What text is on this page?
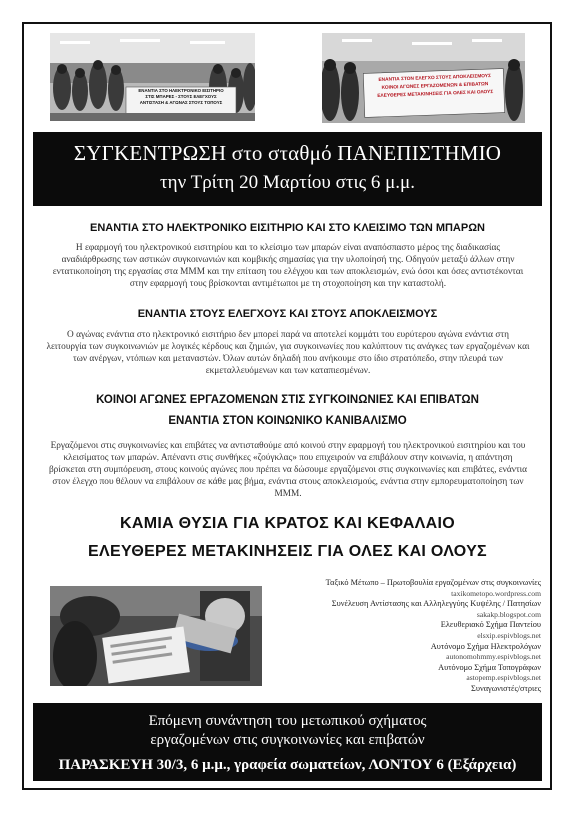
ΕΝΑΝΤΙΑ ΣΤΟ ΗΛΕΚΤΡΟΝΙΚΟ ΕΙΣΙΤΗΡΙΟ
ΣΤΙΣ ΜΠΑΡΕΣ - ΣΤΟΥΣ ΕΛΕΓΧΟΥΣ
ΑΝΤΙΣΤΑΣΗ & ΑΓΩΝΑΣ ΣΤΟΥΣ ΤΟΠΟΥΣ
ΕΝΑΝΤΙΑ ΣΤΟΝ ΕΛΕΓΧΟ ΣΤΟΥΣ ΑΠΟΚΛΕΙΣΜΟΥΣ
ΚΟΙΝΟΙ ΑΓΩΝΕΣ ΕΡΓΑΖΟΜΕΝΩΝ & ΕΠΙΒΑΤΩΝ
ΕΛΕΥΘΕΡΕΣ ΜΕΤΑΚΙΝΗΣΕΙΣ ΓΙΑ ΟΛΕΣ ΚΑΙ ΟΛΟΥΣ
ΣΥΓΚΕΝΤΡΩΣΗ στο σταθμό ΠΑΝΕΠΙΣΤΗΜΙΟ
την Τρίτη 20 Μαρτίου στις 6 μ.μ.
ΕΝΑΝΤΙΑ ΣΤΟ ΗΛΕΚΤΡΟΝΙΚΟ ΕΙΣΙΤΗΡΙΟ ΚΑΙ ΣΤΟ ΚΛΕΙΣΙΜΟ ΤΩΝ ΜΠΑΡΩΝ
Η εφαρμογή του ηλεκτρονικού εισιτηρίου και το κλείσιμο των μπαρών είναι αναπόσπαστο μέρος της διαδικασίας αναδιάρθρωσης των αστικών συγκοινωνιών και κομβικής σημασίας για την υλοποίησή της. Οδηγούν μεταξύ άλλων στην εντατικοποίηση της εργασίας στα ΜΜΜ και την επίταση του ελέγχου και των αποκλεισμών, ενώ όσοι και όσες αντιστέκονται στην εφαρμογή τους βρίσκονται αντιμέτωποι με τη στοχοποίηση και την καταστολή.
ΕΝΑΝΤΙΑ ΣΤΟΥΣ ΕΛΕΓΧΟΥΣ ΚΑΙ ΣΤΟΥΣ ΑΠΟΚΛΕΙΣΜΟΥΣ
Ο αγώνας ενάντια στο ηλεκτρονικό εισιτήριο δεν μπορεί παρά να αποτελεί κομμάτι του ευρύτερου αγώνα ενάντια στη λειτουργία των συγκοινωνιών με λογικές κέρδους και ζημιών, για συγκοινωνίες που καλύπτουν τις ανάγκες των εργαζομένων και των ανέργων, ντόπιων και μεταναστών. Όλων αυτών δηλαδή που ανήκουμε στο ίδιο στρατόπεδο, στην πλευρά των εκμεταλλευόμενων και των καταπιεσμένων.
ΚΟΙΝΟΙ ΑΓΩΝΕΣ ΕΡΓΑΖΟΜΕΝΩΝ ΣΤΙΣ ΣΥΓΚΟΙΝΩΝΙΕΣ ΚΑΙ ΕΠΙΒΑΤΩΝ
ΕΝΑΝΤΙΑ ΣΤΟΝ ΚΟΙΝΩΝΙΚΟ ΚΑΝΙΒΑΛΙΣΜΟ
Εργαζόμενοι στις συγκοινωνίες και επιβάτες να αντισταθούμε από κοινού στην εφαρμογή του ηλεκτρονικού εισιτηρίου και του κλεισίματος των μπαρών. Απέναντι στις συνθήκες «ζούγκλας» που επιχειρούν να επιβάλουν στην κοινωνία, η απάντηση βρίσκεται στη συμπόρευση, στους κοινούς αγώνες που πρέπει να δώσουμε εργαζόμενοι στις συγκοινωνίες και επιβάτες, ενάντια στον έλεγχο που θέλουν να επιβάλουν σε κάθε μας βήμα, ενάντια στους αποκλεισμούς, ενάντια στην εμπορευματοποίηση των ΜΜΜ.
ΚΑΜΙΑ ΘΥΣΙΑ ΓΙΑ ΚΡΑΤΟΣ ΚΑΙ ΚΕΦΑΛΑΙΟ
ΕΛΕΥΘΕΡΕΣ ΜΕΤΑΚΙΝΗΣΕΙΣ ΓΙΑ ΟΛΕΣ ΚΑΙ ΟΛΟΥΣ
Ταξικό Μέτωπο – Πρωτοβουλία εργαζομένων στις συγκοινωνίες
taxikometopo.wordpress.com
Συνέλευση Αντίστασης και Αλληλεγγύης Κυψέλης / Πατησίων
sakakp.blogspot.com
Ελευθεριακό Σχήμα Παντείου
elsxip.espivblogs.net
Αυτόνομο Σχήμα Ηλεκτρολόγων
autonomohmmy.espivblogs.net
Αυτόνομο Σχήμα Τοπογράφων
astopemp.espivblogs.net
Συναγωνιστές/στριες
Επόμενη συνάντηση του μετωπικού σχήματος
εργαζομένων στις συγκοινωνίες και επιβατών
ΠΑΡΑΣΚΕΥΗ 30/3, 6 μ.μ., γραφεία σωματείων, ΛΟΝΤΟΥ 6 (Εξάρχεια)
